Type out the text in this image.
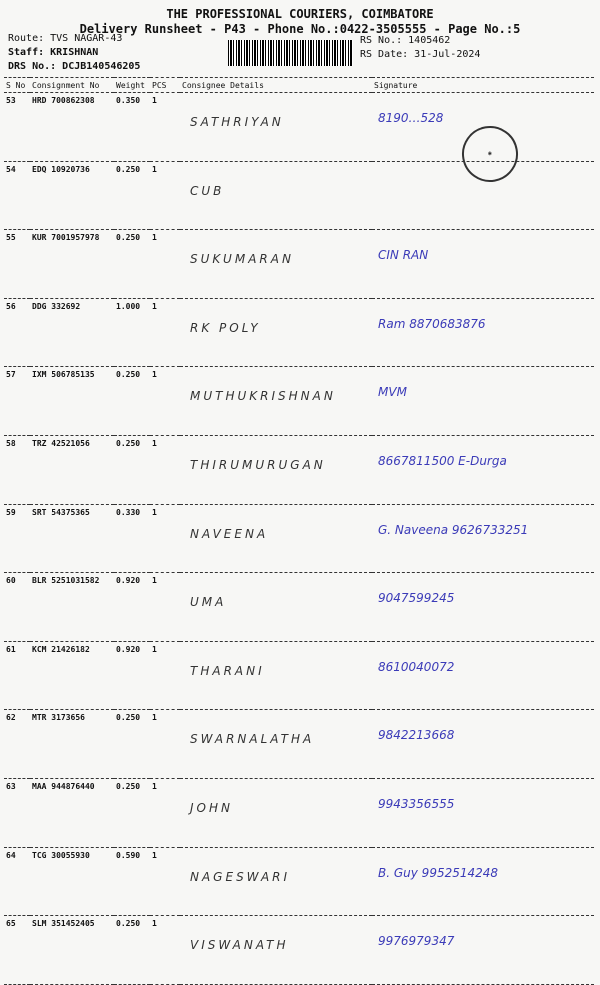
THE PROFESSIONAL COURIERS, COIMBATORE
Delivery Runsheet - P43 - Phone No.:0422-3505555 - Page No.:5
Route: TVS NAGAR-43
Staff: KRISHNAN
DRS No.: DCJB140546205
RS No.: 1405462
RS Date: 31-Jul-2024
S No	Consignment No	Weight	PCS	Consignee Details	Signature
53	HRD 700862308	0.350	1	SATHRIYAN	8190…528
54	EDQ 10920736	0.250	1	CUB	
55	KUR 7001957978	0.250	1	SUKUMARAN	CIN RAN
56	DDG 332692	1.000	1	RK POLY	Ram 8870683876
57	IXM 506785135	0.250	1	MUTHUKRISHNAN	MVM
58	TRZ 42521056	0.250	1	THIRUMURUGAN	8667811500 E-Durga
59	SRT 54375365	0.330	1	NAVEENA	G. Naveena 9626733251
60	BLR 5251031582	0.920	1	UMA	9047599245
61	KCM 21426182	0.920	1	THARANI	8610040072
62	MTR 3173656	0.250	1	SWARNALATHA	9842213668
63	MAA 944876440	0.250	1	JOHN	9943356555
64	TCG 30055930	0.590	1	NAGESWARI	B. Guy 9952514248
65	SLM 351452405	0.250	1	VISWANATH	9976979347
◉
